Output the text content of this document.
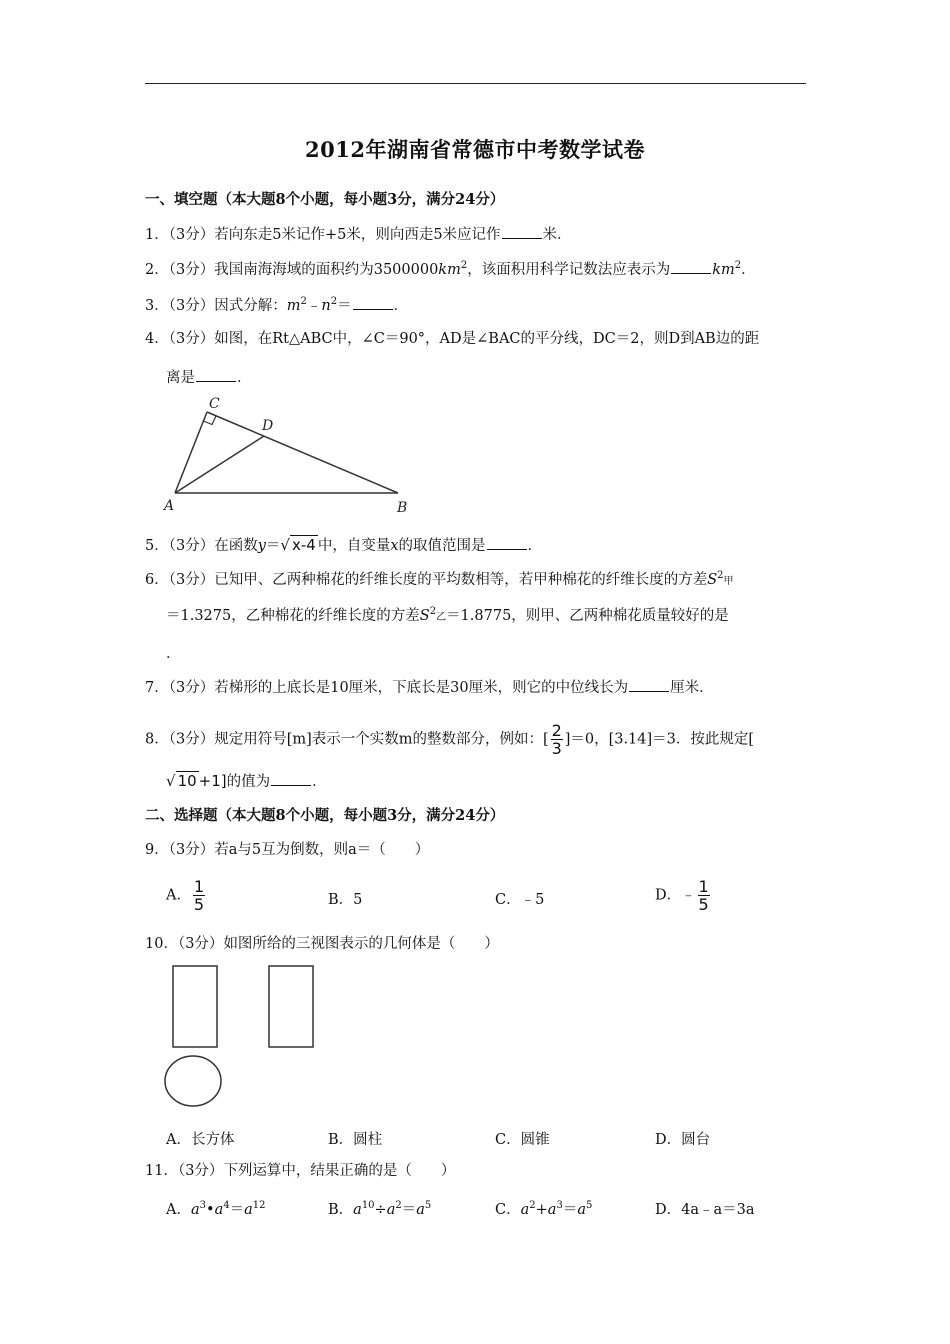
2012年湖南省常德市中考数学试卷
一、填空题（本大题8个小题，每小题3分，满分24分）
1．（3分）若向东走5米记作+5米，则向西走5米应记作	米．
2．（3分）我国南海海域的面积约为$3500000km^2$，该面积用科学记数法应表示为	$km^2$．
3．（3分）因式分解：$m^2﹣n^2=$	．
4．（3分）如图，在Rt△ABC中，∠C＝90°，AD是∠BAC的平分线，DC＝2，则D到AB边的距
离是	．
C
D
A	B
5．（3分）在函数y＝√ x-4 中，自变量x的取值范围是	．
6．（3分）已知甲、乙两种棉花的纤维长度的平均数相等，若甲种棉花的纤维长度的方差$S^2$甲
＝1.3275，乙种棉花的纤维长度的方差$S^2$乙＝1.8775，则甲、乙两种棉花质量较好的是
．
7．（3分）若梯形的上底长是10厘米，下底长是30厘米，则它的中位线长为	厘米．
8．（3分）规定用符号[m]表示一个实数m的整数部分，例如：[ $\frac{2}{3} ]=0$，[3.14]＝3．按此规定[
√ 10 +1]的值为	．
二、选择题（本大题8个小题，每小题3分，满分24分）
9．（3分）若a与5互为倒数，则a＝（　　）
A． $\frac{1}{5}$	B．5	C．﹣5	D．﹣ $\frac{1}{5}$
10．（3分）如图所给的三视图表示的几何体是（　　）
A．长方体	B．圆柱	C．圆锥	D．圆台
11．（3分）下列运算中，结果正确的是（　　）
A．$a^3•a^4=a^{12}$	B．$a^{10}\div a^2=a^5$	C．$a^2+a^3=a^5$	D．4a﹣a＝3a
